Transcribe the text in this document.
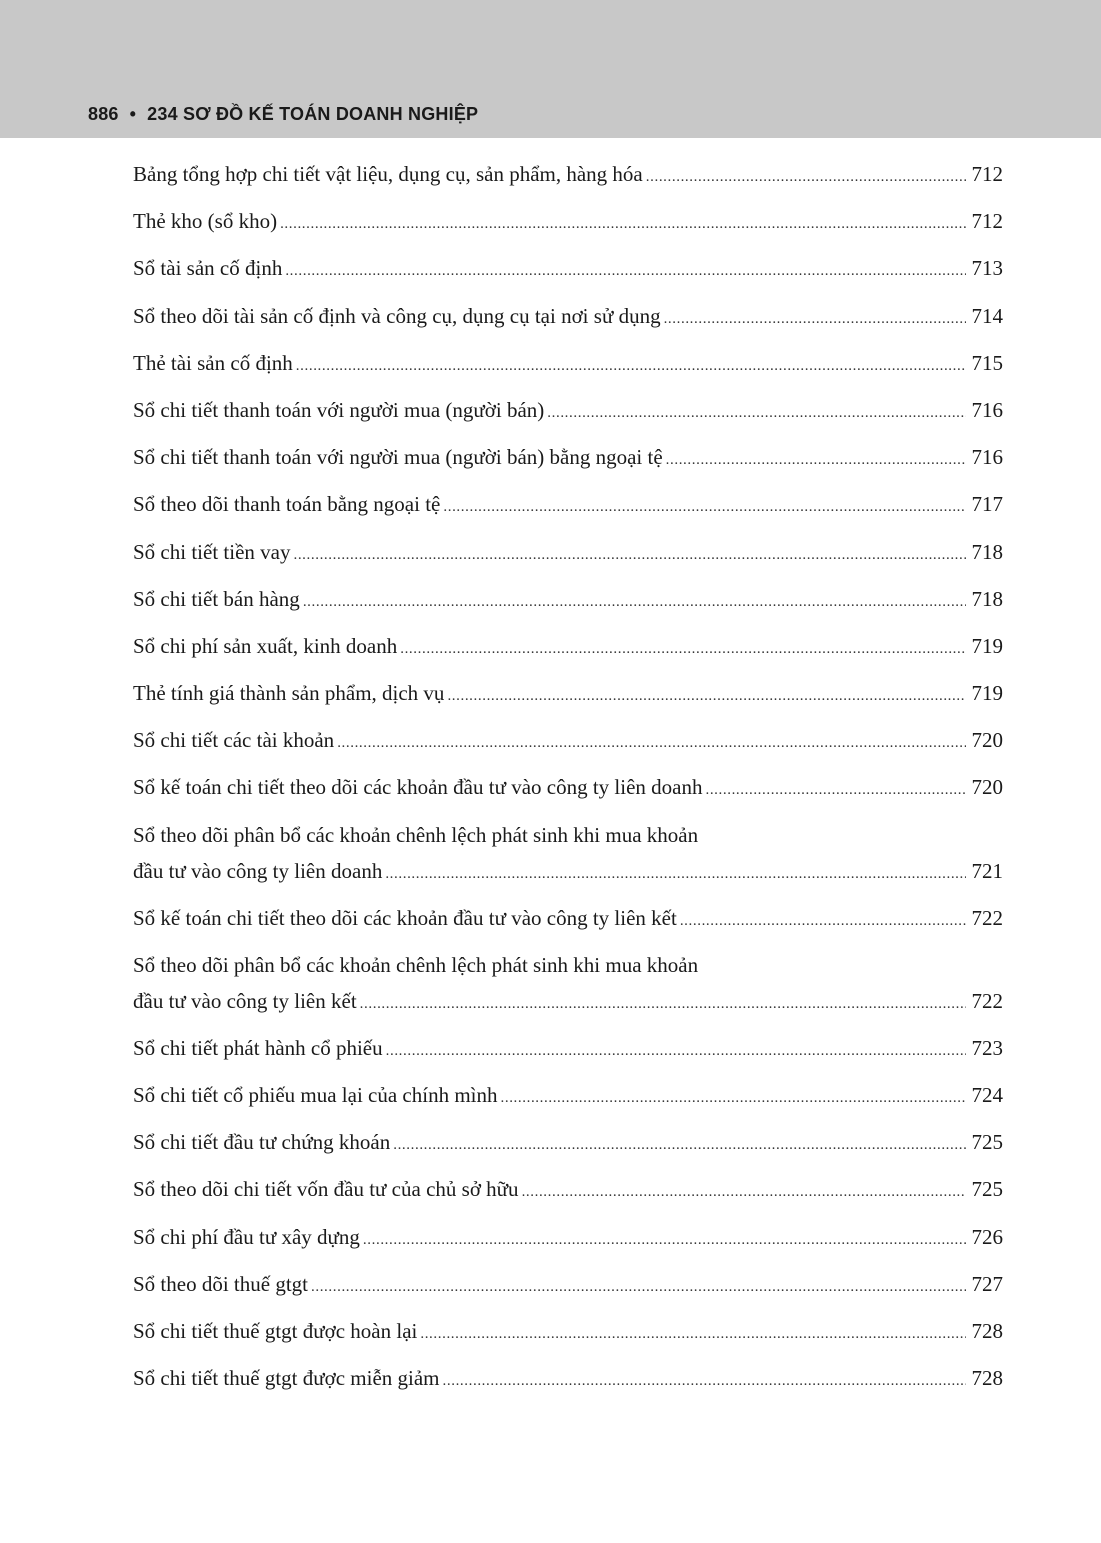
886 • 234 SƠ ĐỒ KẾ TOÁN DOANH NGHIỆP
Bảng tổng hợp chi tiết vật liệu, dụng cụ, sản phẩm, hàng hóa .....	712
Thẻ kho (sổ kho) .....	712
Sổ tài sản cố định .....	713
Sổ theo dõi tài sản cố định và công cụ, dụng cụ tại nơi sử dụng .....	714
Thẻ tài sản cố định .....	715
Sổ chi tiết thanh toán với người mua (người bán) .....	716
Sổ chi tiết thanh toán với người mua (người bán) bằng ngoại tệ .....	716
Sổ theo dõi thanh toán bằng ngoại tệ .....	717
Sổ chi tiết tiền vay .....	718
Sổ chi tiết bán hàng .....	718
Sổ chi phí sản xuất, kinh doanh .....	719
Thẻ tính giá thành sản phẩm, dịch vụ .....	719
Sổ chi tiết các tài khoản .....	720
Sổ kế toán chi tiết theo dõi các khoản đầu tư vào công ty liên doanh .....	720
Sổ theo dõi phân bổ các khoản chênh lệch phát sinh khi mua khoản
đầu tư vào công ty liên doanh .....	721
Sổ kế toán chi tiết theo dõi các khoản đầu tư vào công ty liên kết .....	722
Sổ theo dõi phân bổ các khoản chênh lệch phát sinh khi mua khoản
đầu tư vào công ty liên kết .....	722
Sổ chi tiết phát hành cổ phiếu .....	723
Sổ chi tiết cổ phiếu mua lại của chính mình .....	724
Sổ chi tiết đầu tư chứng khoán .....	725
Sổ theo dõi chi tiết vốn đầu tư của chủ sở hữu .....	725
Sổ chi phí đầu tư xây dựng .....	726
Sổ theo dõi thuế gtgt .....	727
Sổ chi tiết thuế gtgt được hoàn lại .....	728
Sổ chi tiết thuế gtgt được miễn giảm .....	728
